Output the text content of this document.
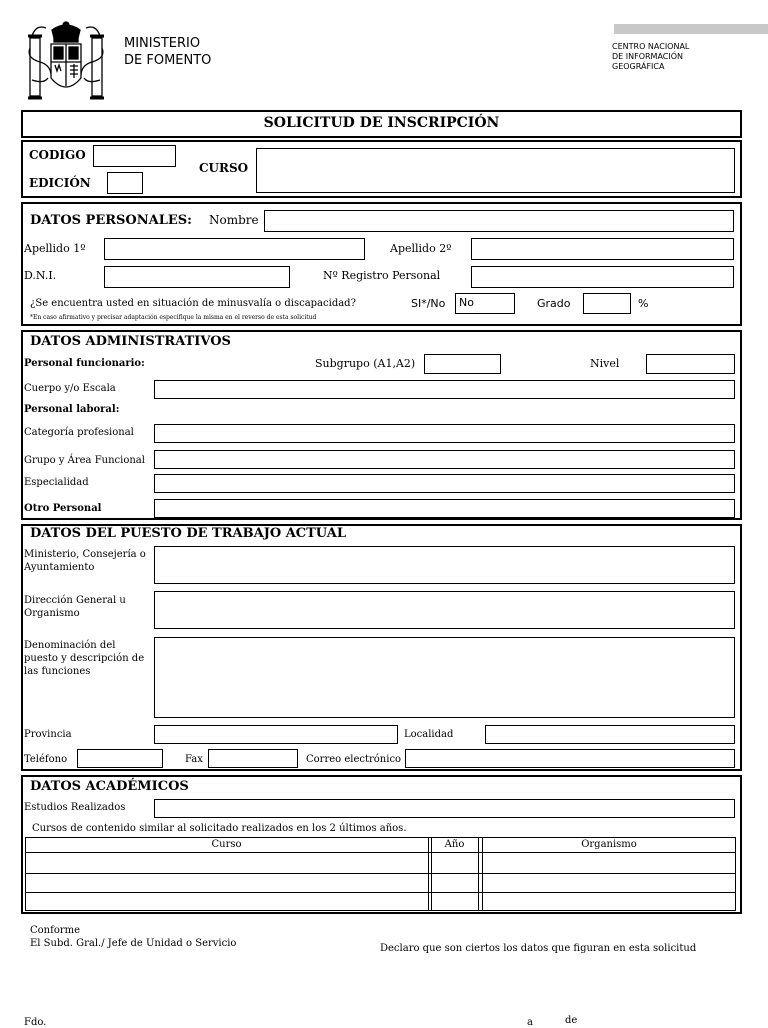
MINISTERIO
DE FOMENTO
CENTRO NACIONAL
DE INFORMACIÓN
GEOGRÁFICA
SOLICITUD DE INSCRIPCIÓN
CODIGO
EDICIÓN
CURSO
DATOS PERSONALES: Nombre
Apellido 1º	Apellido 2º
D.N.I.	Nº Registro Personal
¿Se encuentra usted en situación de minusvalía o discapacidad?	SI*/No	No	Grado	%
*En caso afirmativo y precisar adaptación especifique la misma en el reverso de esta solicitud
DATOS ADMINISTRATIVOS
Personal funcionario:	Subgrupo (A1,A2)	Nivel
Cuerpo y/o Escala
Personal laboral:
Categoría profesional
Grupo y Área Funcional
Especialidad
Otro Personal
DATOS DEL PUESTO DE TRABAJO ACTUAL
Ministerio, Consejería o
Ayuntamiento
Dirección General u
Organismo
Denominación del
puesto y descripción de
las funciones
Provincia	Localidad
Teléfono	Fax	Correo electrónico
DATOS ACADÉMICOS
Estudios Realizados
Cursos de contenido similar al solicitado realizados en los 2 últimos años.
Curso	Año	Organismo
Conforme
El Subd. Gral./ Jefe de Unidad o Servicio	Declaro que son ciertos los datos que figuran en esta solicitud
Fdo.	a	de
